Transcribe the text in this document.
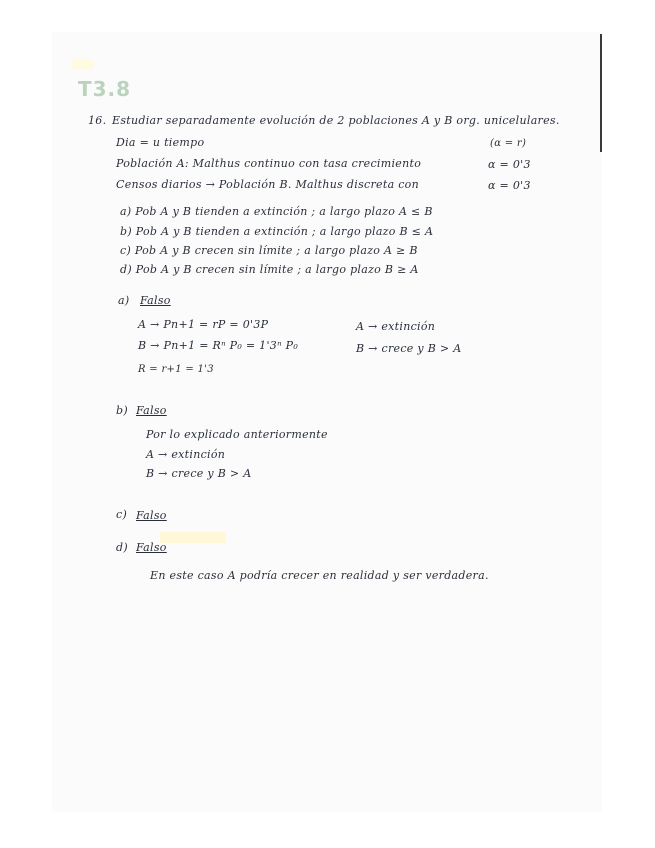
T3.8
16. Estudiar separadamente evolución de 2 poblaciones A y B org. unicelulares.
(α = r)
Dia = u tiempo
Población A: Malthus continuo con tasa crecimiento	α = 0'3
Censos diarios → Población B. Malthus discreta con	α = 0'3
a) Pob A y B tienden a extinción ; a largo plazo A ≤ B
b) Pob A y B tienden a extinción ; a largo plazo B ≤ A
c) Pob A y B crecen sin límite ; a largo plazo A ≥ B
d) Pob A y B crecen sin límite ; a largo plazo B ≥ A
a) Falso
A → Pn+1 = rP = 0'3P	A → extinción
B → Pn+1 = Rⁿ P₀ = 1'3ⁿ P₀	B → crece y B > A
R = r+1 = 1'3
b) Falso
Por lo explicado anteriormente
A → extinción
B → crece y B > A
c) Falso
d) Falso
En este caso A podría crecer en realidad y ser verdadera.
